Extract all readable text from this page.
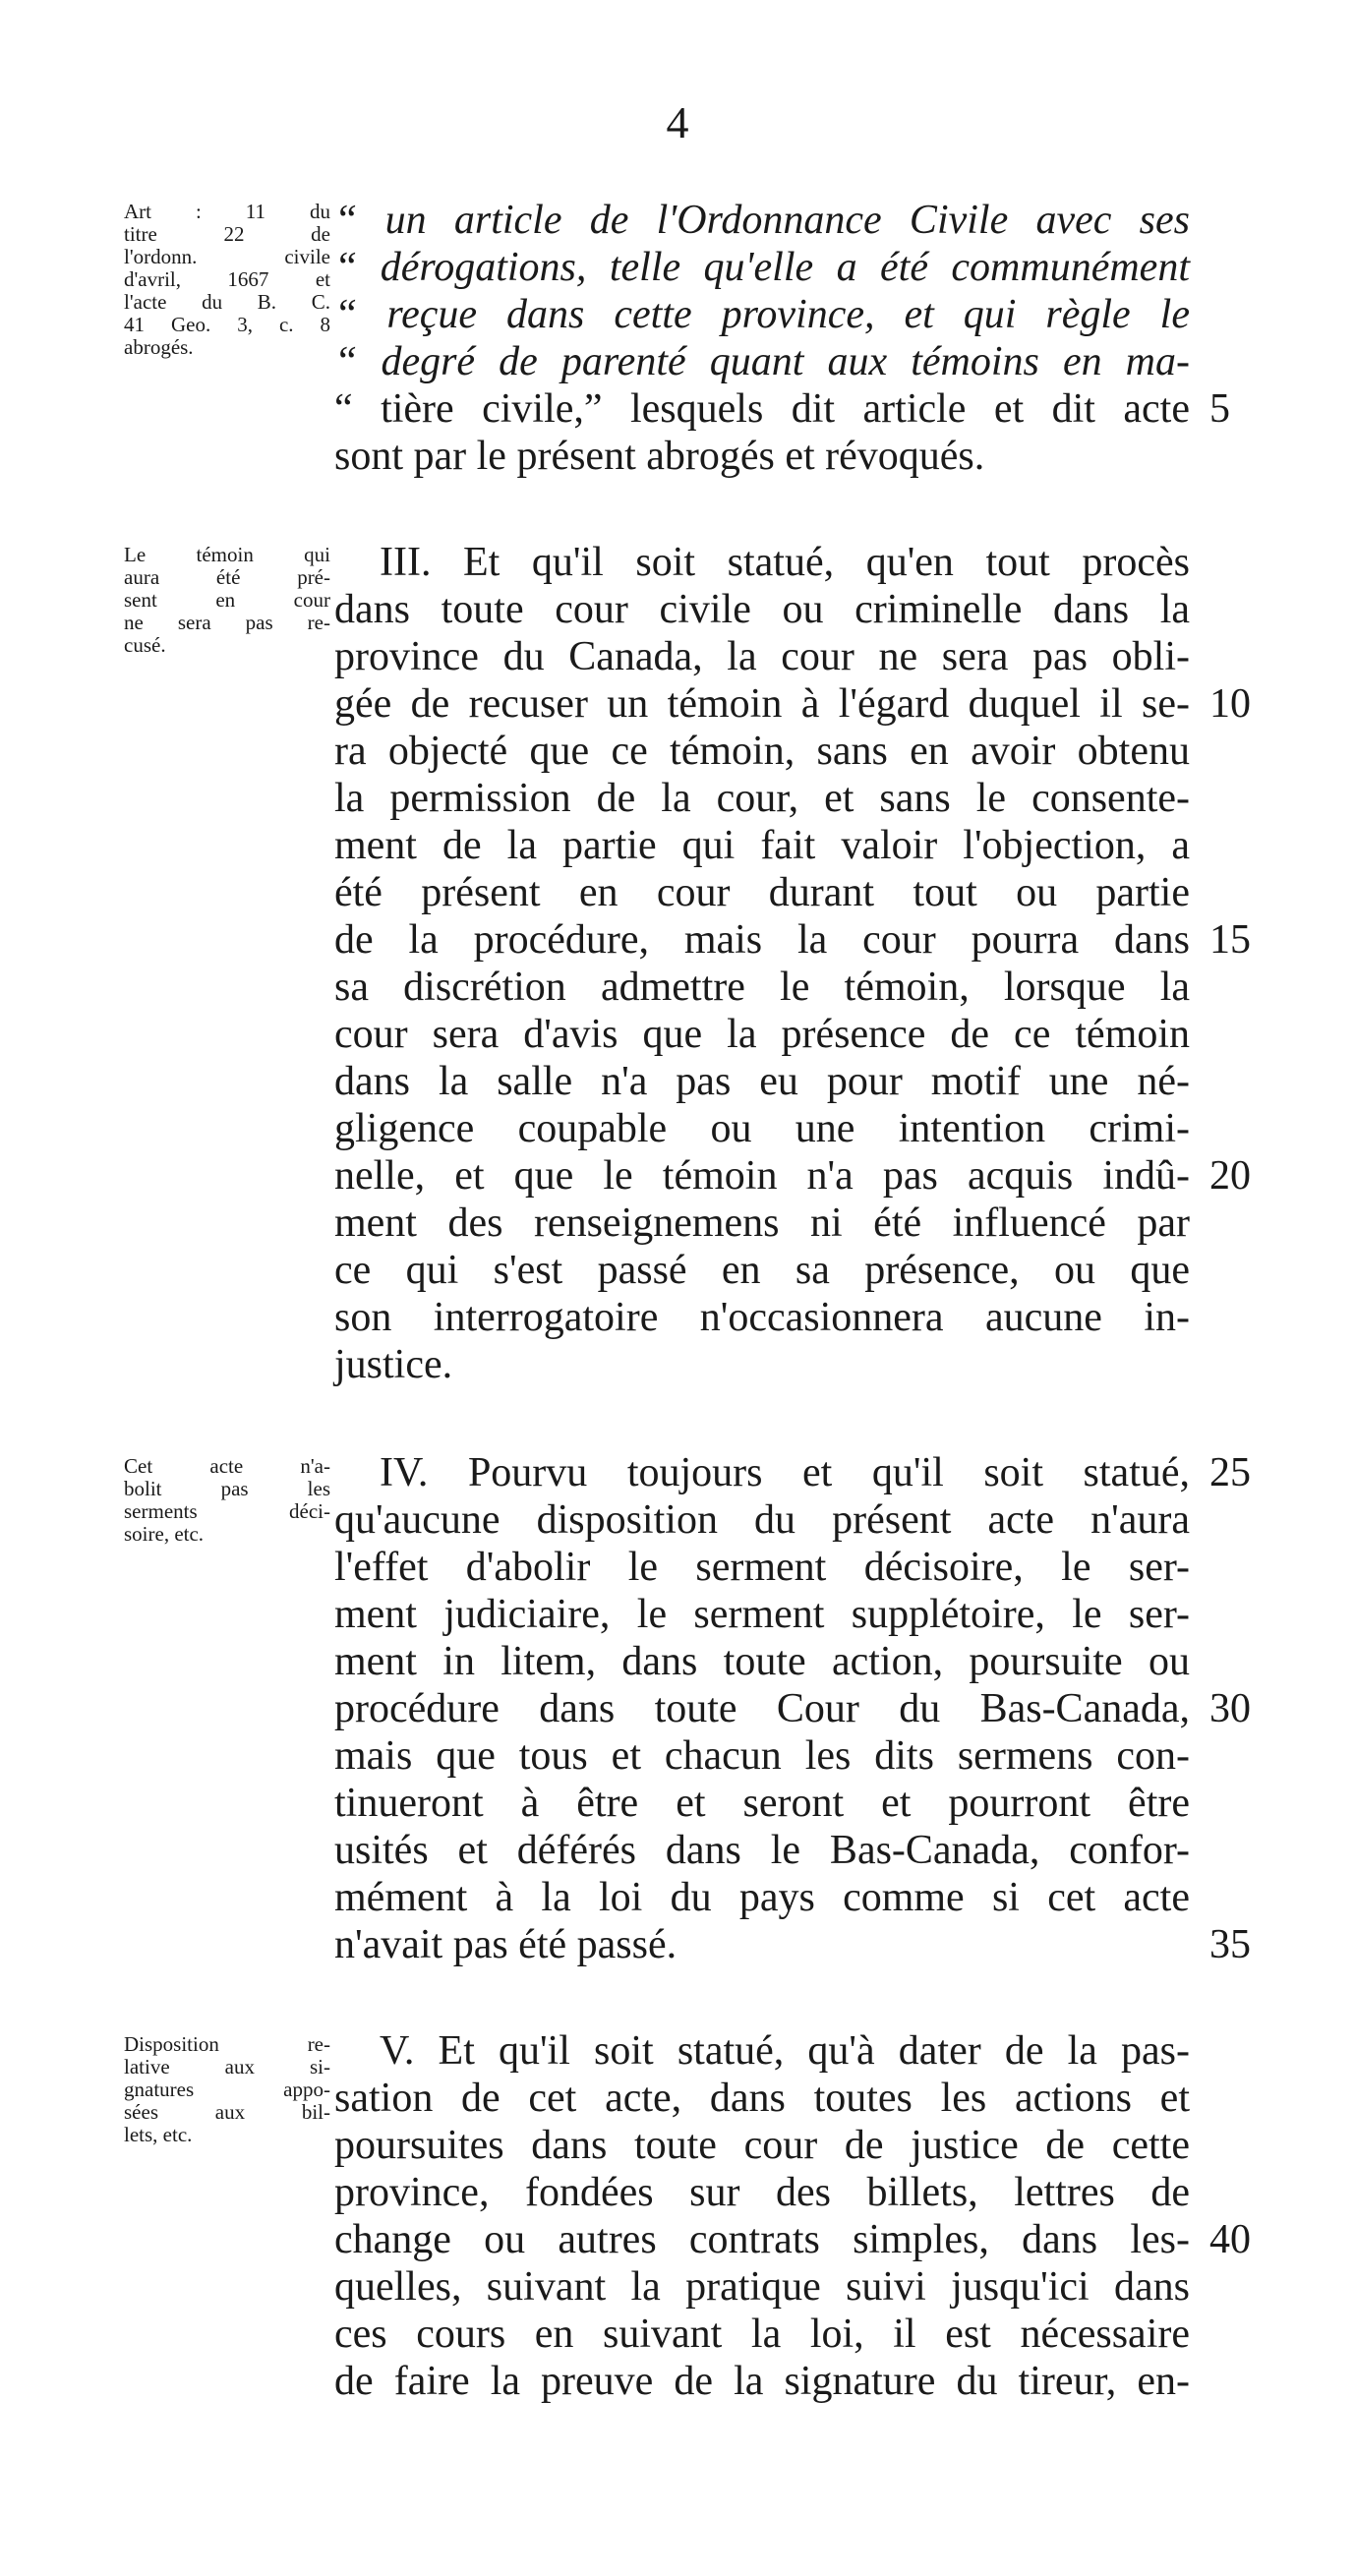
4
Art : 11 du
titre 22 de
l'ordonn. civile
d'avril, 1667 et
l'acte du B. C.
41 Geo. 3, c. 8
abrogés.
“ un article de l'Ordonnance Civile avec ses
“ dérogations, telle qu'elle a été communément
“ reçue dans cette province, et qui règle le
“ degré de parenté quant aux témoins en ma-
“ tière civile,” lesquels dit article et dit acte
sont par le présent abrogés et révoqués.
5
Le témoin qui
aura été pré-
sent en cour
ne sera pas re-
cusé.
III. Et qu'il soit statué, qu'en tout procès
dans toute cour civile ou criminelle dans la
province du Canada, la cour ne sera pas obli-
gée de recuser un témoin à l'égard duquel il se-
ra objecté que ce témoin, sans en avoir obtenu
la permission de la cour, et sans le consente-
ment de la partie qui fait valoir l'objection, a
été présent en cour durant tout ou partie
de la procédure, mais la cour pourra dans
sa discrétion admettre le témoin, lorsque la
cour sera d'avis que la présence de ce témoin
dans la salle n'a pas eu pour motif une né-
gligence coupable ou une intention crimi-
nelle, et que le témoin n'a pas acquis indû-
ment des renseignemens ni été influencé par
ce qui s'est passé en sa présence, ou que
son interrogatoire n'occasionnera aucune in-
justice.
10
15
20
Cet acte n'a-
bolit pas les
serments déci-
soire, etc.
IV. Pourvu toujours et qu'il soit statué,
qu'aucune disposition du présent acte n'aura
l'effet d'abolir le serment décisoire, le ser-
ment judiciaire, le serment supplétoire, le ser-
ment in litem, dans toute action, poursuite ou
procédure dans toute Cour du Bas-Canada,
mais que tous et chacun les dits sermens con-
tinueront à être et seront et pourront être
usités et déférés dans le Bas-Canada, confor-
mément à la loi du pays comme si cet acte
n'avait pas été passé.
25
30
35
Disposition re-
lative aux si-
gnatures appo-
sées aux bil-
lets, etc.
V. Et qu'il soit statué, qu'à dater de la pas-
sation de cet acte, dans toutes les actions et
poursuites dans toute cour de justice de cette
province, fondées sur des billets, lettres de
change ou autres contrats simples, dans les-
quelles, suivant la pratique suivi jusqu'ici dans
ces cours en suivant la loi, il est nécessaire
de faire la preuve de la signature du tireur, en-
40
